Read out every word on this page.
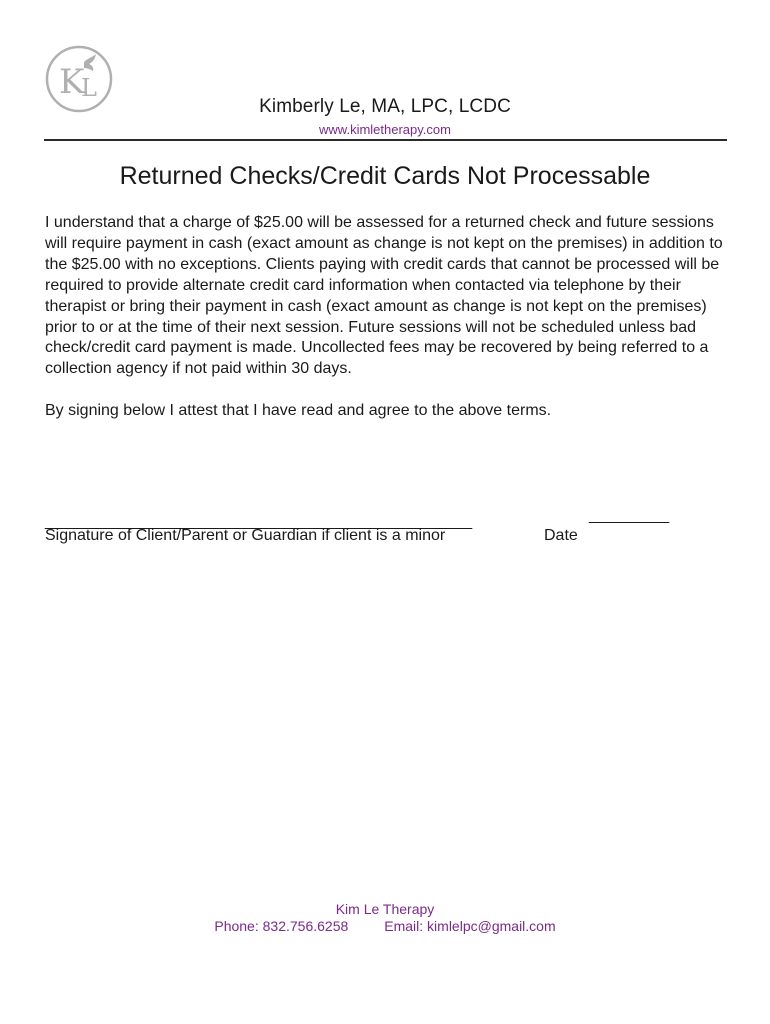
K
L
Kimberly Le, MA, LPC, LCDC
www.kimletherapy.com
Returned Checks/Credit Cards Not Processable

I understand that a charge of $25.00 will be assessed for a returned check and future sessions will require payment in cash (exact amount as change is not kept on the premises) in addition to the $25.00 with no exceptions. Clients paying with credit cards that cannot be processed will be required to provide alternate credit card information when contacted via telephone by their therapist or bring their payment in cash (exact amount as change is not kept on the premises) prior to or at the time of their next session. Future sessions will not be scheduled unless bad check/credit card payment is made. Uncollected fees may be recovered by being referred to a collection agency if not paid within 30 days.

By signing below I attest that I have read and agree to the above terms.

________________________________________________	_________
Signature of Client/Parent or Guardian if client is a minor	Date
Kim Le Therapy
Phone: 832.756.6258	Email: kimlelpc@gmail.com
